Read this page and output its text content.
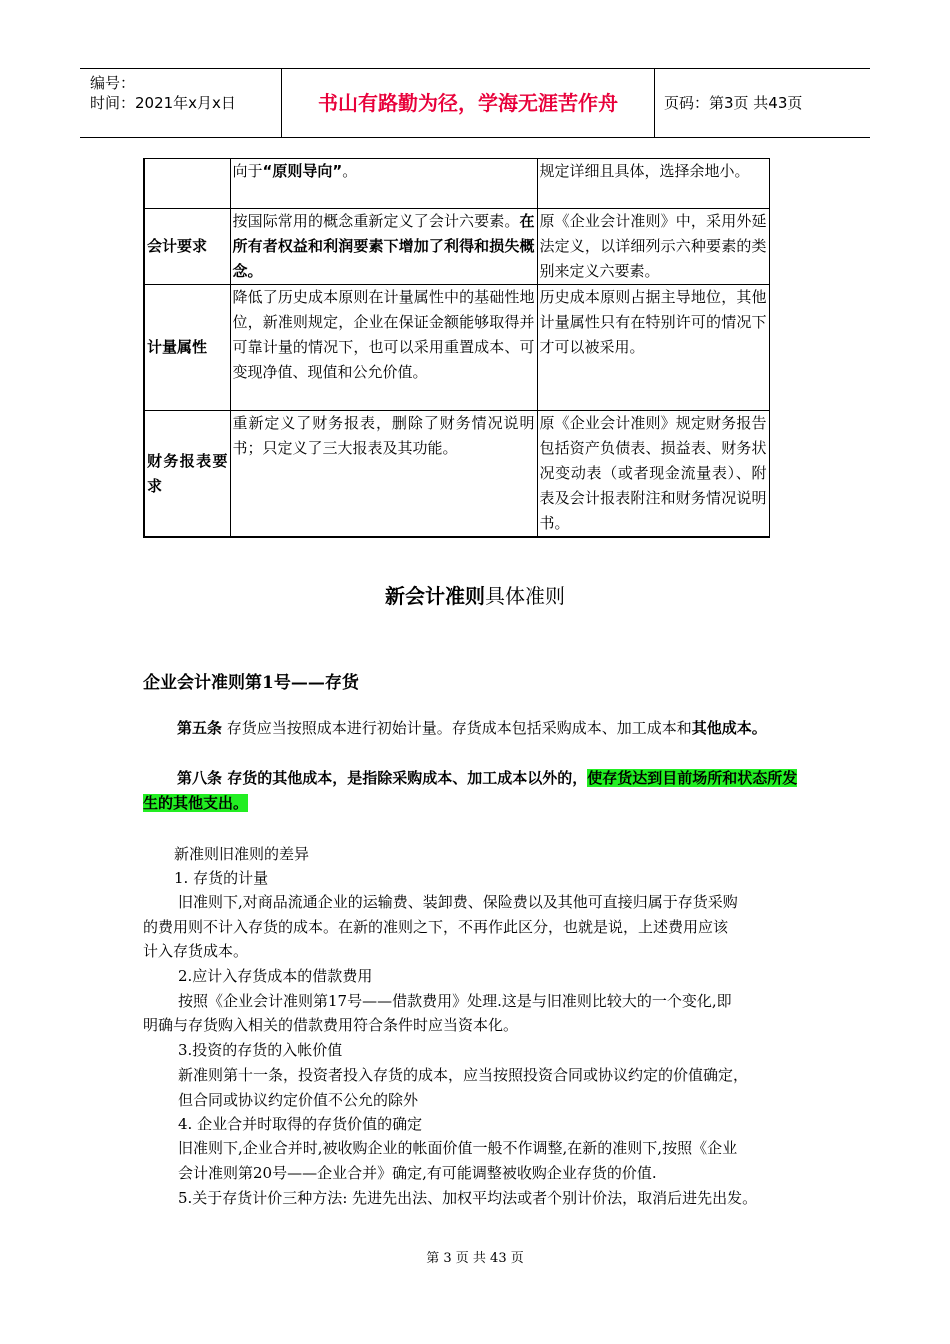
编号：
时间：2021年x月x日	书山有路勤为径，学海无涯苦作舟	页码：第3页 共43页
	向于“原则导向”。	规定详细且具体，选择余地小。
会计要求	按国际常用的概念重新定义了会计六要素。在所有者权益和利润要素下增加了利得和损失概念。	原《企业会计准则》中，采用外延法定义，以详细列示六种要素的类别来定义六要素。
计量属性	降低了历史成本原则在计量属性中的基础性地位，新准则规定，企业在保证金额能够取得并可靠计量的情况下，也可以采用重置成本、可变现净值、现值和公允价值。	历史成本原则占据主导地位，其他计量属性只有在特别许可的情况下才可以被采用。
财务报表要求	重新定义了财务报表，删除了财务情况说明书；只定义了三大报表及其功能。	原《企业会计准则》规定财务报告包括资产负债表、损益表、财务状况变动表（或者现金流量表）、附表及会计报表附注和财务情况说明书。
新会计准则具体准则
企业会计准则第1号——存货
第五条 存货应当按照成本进行初始计量。存货成本包括采购成本、加工成本和其他成本。
第八条 存货的其他成本，是指除采购成本、加工成本以外的，使存货达到目前场所和状态所发生的其他支出。
新准则旧准则的差异
1. 存货的计量
旧准则下,对商品流通企业的运输费、装卸费、保险费以及其他可直接归属于存货采购
的费用则不计入存货的成本。在新的准则之下，不再作此区分，也就是说，上述费用应该
计入存货成本。
2.应计入存货成本的借款费用
按照《企业会计准则第17号——借款费用》处理.这是与旧准则比较大的一个变化,即
明确与存货购入相关的借款费用符合条件时应当资本化。
3.投资的存货的入帐价值
新准则第十一条，投资者投入存货的成本，应当按照投资合同或协议约定的价值确定，
但合同或协议约定价值不公允的除外
4. 企业合并时取得的存货价值的确定
旧准则下,企业合并时,被收购企业的帐面价值一般不作调整,在新的准则下,按照《企业
会计准则第20号——企业合并》确定,有可能调整被收购企业存货的价值.
5.关于存货计价三种方法: 先进先出法、加权平均法或者个别计价法，取消后进先出发。
第 3 页 共 43 页
